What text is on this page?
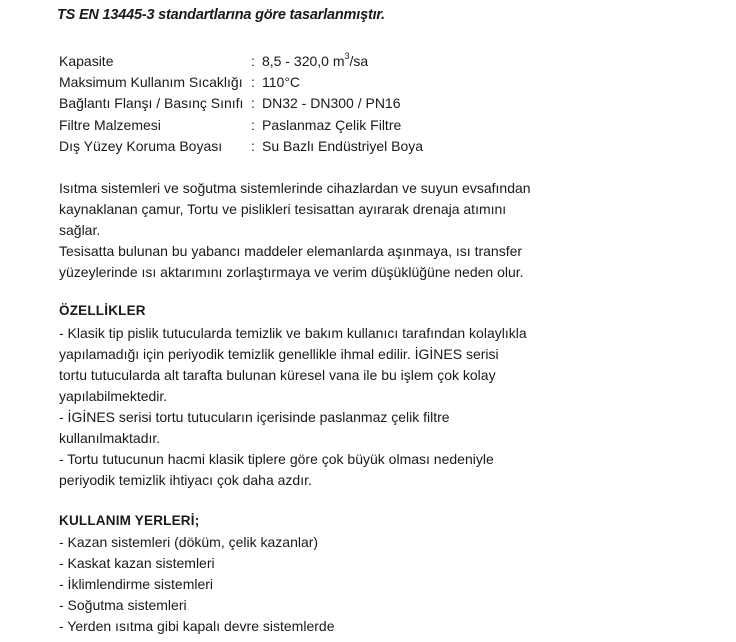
TS EN 13445-3 standartlarına göre tasarlanmıştır.
Kapasite	: 8,5 - 320,0 $m^3/sa$
Maksimum Kullanım Sıcaklığı : 110°C
Bağlantı Flanşı / Basınç Sınıfı : DN32 - DN300 / PN16
Filtre Malzemesi	: Paslanmaz Çelik Filtre
Dış Yüzey Koruma Boyası	: Su Bazlı Endüstriyel Boya

Isıtma sistemleri ve soğutma sistemlerinde cihazlardan ve suyun evsafından
kaynaklanan çamur, Tortu ve pislikleri tesisattan ayırarak drenaja atımını
sağlar.
Tesisatta bulunan bu yabancı maddeler elemanlarda aşınmaya, ısı transfer
yüzeylerinde ısı aktarımını zorlaştırmaya ve verim düşüklüğüne neden olur.

ÖZELLİKLER

- Klasik tip pislik tutucularda temizlik ve bakım kullanıcı tarafından kolaylıkla
yapılamadığı için periyodik temizlik genellikle ihmal edilir. İGİNES serisi
tortu tutucularda alt tarafta bulunan küresel vana ile bu işlem çok kolay
yapılabilmektedir.
- İGİNES serisi tortu tutucuların içerisinde paslanmaz çelik filtre
kullanılmaktadır.
- Tortu tutucunun hacmi klasik tiplere göre çok büyük olması nedeniyle
periyodik temizlik ihtiyacı çok daha azdır.

KULLANIM YERLERİ;

- Kazan sistemleri (döküm, çelik kazanlar)
- Kaskat kazan sistemleri
- İklimlendirme sistemleri
- Soğutma sistemleri
- Yerden ısıtma gibi kapalı devre sistemlerde
